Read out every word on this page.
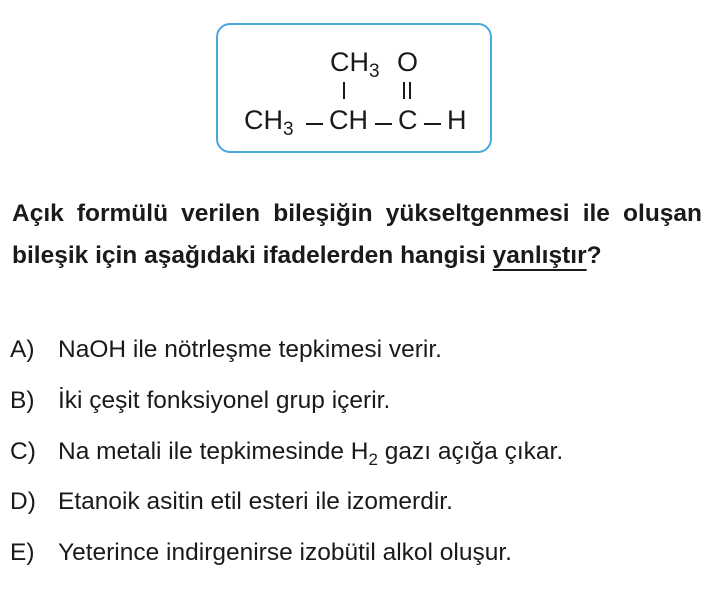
$CH_3$ O
$CH_3$ CH C H
Açık formülü verilen bileşiğin yükseltgenmesi ile oluşan bileşik için aşağıdaki ifadelerden hangisi yanlıştır?
A) NaOH ile nötrleşme tepkimesi verir.
B) İki çeşit fonksiyonel grup içerir.
C) Na metali ile tepkimesinde $H_2$ gazı açığa çıkar.
D) Etanoik asitin etil esteri ile izomerdir.
E) Yeterince indirgenirse izobütil alkol oluşur.
